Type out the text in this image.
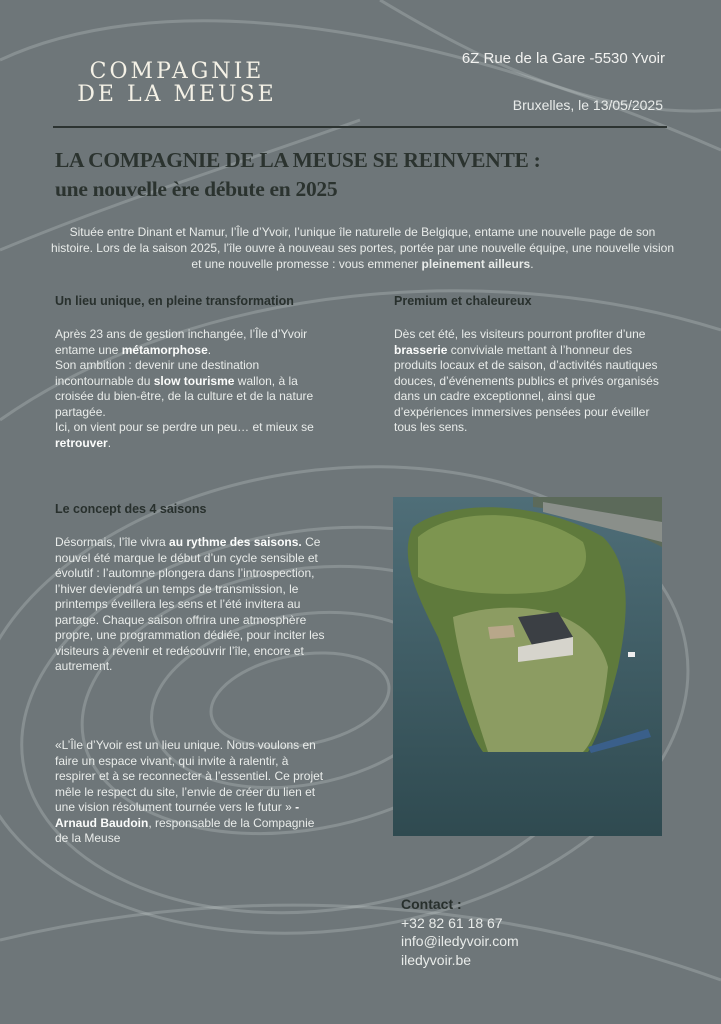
COMPAGNIE
DE LA MEUSE
6Z Rue de la Gare -5530 Yvoir
Bruxelles, le 13/05/2025
LA COMPAGNIE DE LA MEUSE SE REINVENTE :
une nouvelle ère débute en 2025
Située entre Dinant et Namur, l’Île d’Yvoir, l’unique île naturelle de Belgique, entame une nouvelle page de son histoire. Lors de la saison 2025, l’île ouvre à nouveau ses portes, portée par une nouvelle équipe, une nouvelle vision et une nouvelle promesse : vous emmener pleinement ailleurs.
Un lieu unique, en pleine transformation
Après 23 ans de gestion inchangée, l’Île d’Yvoir entame une métamorphose.
Son ambition : devenir une destination incontournable du slow tourisme wallon, à la croisée du bien-être, de la culture et de la nature partagée.
Ici, on vient pour se perdre un peu… et mieux se retrouver.
Premium et chaleureux
Dès cet été, les visiteurs pourront profiter d’une brasserie conviviale mettant à l’honneur des produits locaux et de saison, d’activités nautiques douces, d’événements publics et privés organisés dans un cadre exceptionnel, ainsi que d’expériences immersives pensées pour éveiller tous les sens.
Le concept des 4 saisons
Désormais, l’île vivra au rythme des saisons. Ce nouvel été marque le début d’un cycle sensible et évolutif : l’automne plongera dans l’introspection, l’hiver deviendra un temps de transmission, le printemps éveillera les sens et l’été invitera au partage. Chaque saison offrira une atmosphère propre, une programmation dédiée, pour inciter les visiteurs à revenir et redécouvrir l’île, encore et autrement.
«L’Île d’Yvoir est un lieu unique. Nous voulons en faire un espace vivant, qui invite à ralentir, à respirer et à se reconnecter à l’essentiel. Ce projet mêle le respect du site, l’envie de créer du lien et une vision résolument tournée vers le futur » - Arnaud Baudoin, responsable de la Compagnie de la Meuse
Contact :
+32 82 61 18 67
info@iledyvoir.com
iledyvoir.be
